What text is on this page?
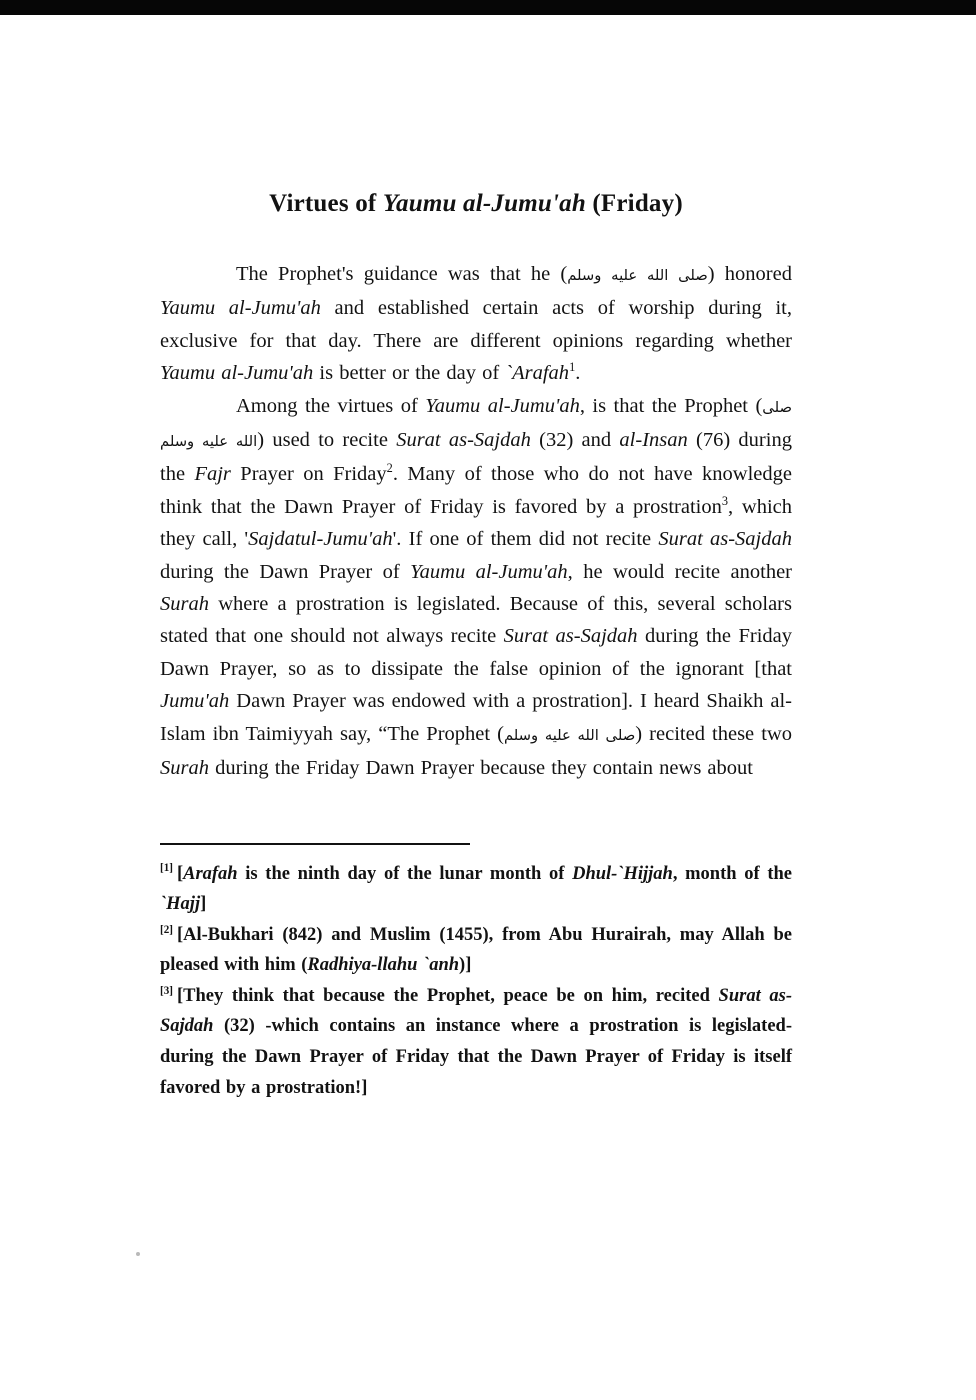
Virtues of Yaumu al-Jumu'ah (Friday)

The Prophet's guidance was that he (صلى الله عليه وسلم) honored Yaumu al-Jumu'ah and established certain acts of worship during it, exclusive for that day. There are different opinions regarding whether Yaumu al-Jumu'ah is better or the day of `Arafah$^1$.

Among the virtues of Yaumu al-Jumu'ah, is that the Prophet (صلى الله عليه وسلم) used to recite Surat as-Sajdah (32) and al-Insan (76) during the Fajr Prayer on Friday$^2$. Many of those who do not have knowledge think that the Dawn Prayer of Friday is favored by a prostration$^3$, which they call, 'Sajdatul-Jumu'ah'. If one of them did not recite Surat as-Sajdah during the Dawn Prayer of Yaumu al-Jumu'ah, he would recite another Surah where a prostration is legislated. Because of this, several scholars stated that one should not always recite Surat as-Sajdah during the Friday Dawn Prayer, so as to dissipate the false opinion of the ignorant [that Jumu'ah Dawn Prayer was endowed with a prostration]. I heard Shaikh al-Islam ibn Taimiyyah say, “The Prophet (صلى الله عليه وسلم) recited these two Surah during the Friday Dawn Prayer because they contain news about

[1] [Arafah is the ninth day of the lunar month of Dhul-`Hijjah, month of the `Hajj]

[2] [Al-Bukhari (842) and Muslim (1455), from Abu Hurairah, may Allah be pleased with him (Radhiya-llahu `anh)]

[3] [They think that because the Prophet, peace be on him, recited Surat as-Sajdah (32) -which contains an instance where a prostration is legislated- during the Dawn Prayer of Friday that the Dawn Prayer of Friday is itself favored by a prostration!]
